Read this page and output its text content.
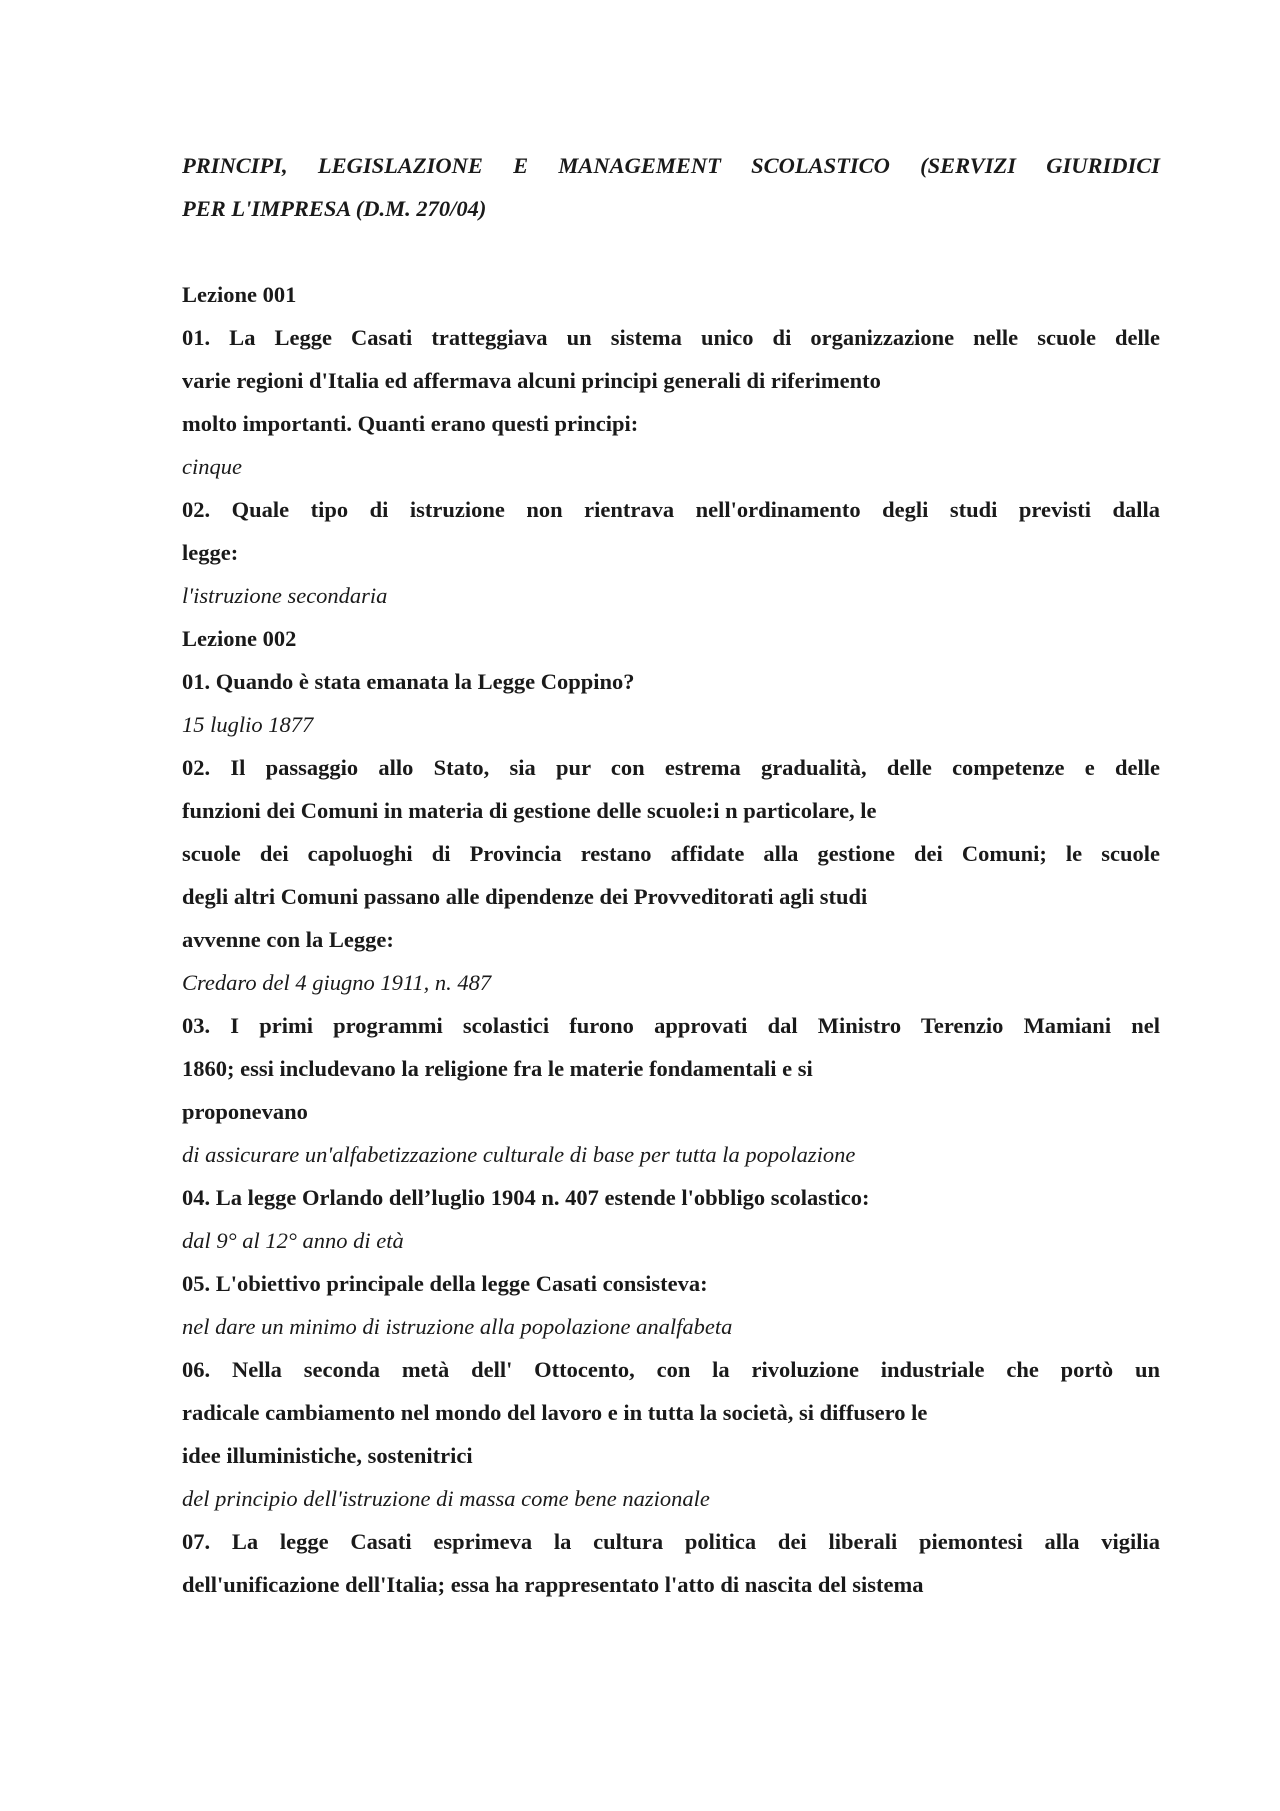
PRINCIPI, LEGISLAZIONE E MANAGEMENT SCOLASTICO (SERVIZI GIURIDICI
PER L'IMPRESA (D.M. 270/04)
Lezione 001
01. La Legge Casati tratteggiava un sistema unico di organizzazione nelle scuole delle
varie regioni d'Italia ed affermava alcuni principi generali di riferimento
molto importanti. Quanti erano questi principi:
cinque
02. Quale tipo di istruzione non rientrava nell'ordinamento degli studi previsti dalla
legge:
l'istruzione secondaria
Lezione 002
01. Quando è stata emanata la Legge Coppino?
15 luglio 1877
02. Il passaggio allo Stato, sia pur con estrema gradualità, delle competenze e delle
funzioni dei Comuni in materia di gestione delle scuole:i n particolare, le
scuole dei capoluoghi di Provincia restano affidate alla gestione dei Comuni; le scuole
degli altri Comuni passano alle dipendenze dei Provveditorati agli studi
avvenne con la Legge:
Credaro del 4 giugno 1911, n. 487
03. I primi programmi scolastici furono approvati dal Ministro Terenzio Mamiani nel
1860; essi includevano la religione fra le materie fondamentali e si
proponevano
di assicurare un'alfabetizzazione culturale di base per tutta la popolazione
04. La legge Orlando dell’luglio 1904 n. 407 estende l'obbligo scolastico:
dal 9° al 12° anno di età
05. L'obiettivo principale della legge Casati consisteva:
nel dare un minimo di istruzione alla popolazione analfabeta
06. Nella seconda metà dell' Ottocento, con la rivoluzione industriale che portò un
radicale cambiamento nel mondo del lavoro e in tutta la società, si diffusero le
idee illuministiche, sostenitrici
del principio dell'istruzione di massa come bene nazionale
07. La legge Casati esprimeva la cultura politica dei liberali piemontesi alla vigilia
dell'unificazione dell'Italia; essa ha rappresentato l'atto di nascita del sistema
